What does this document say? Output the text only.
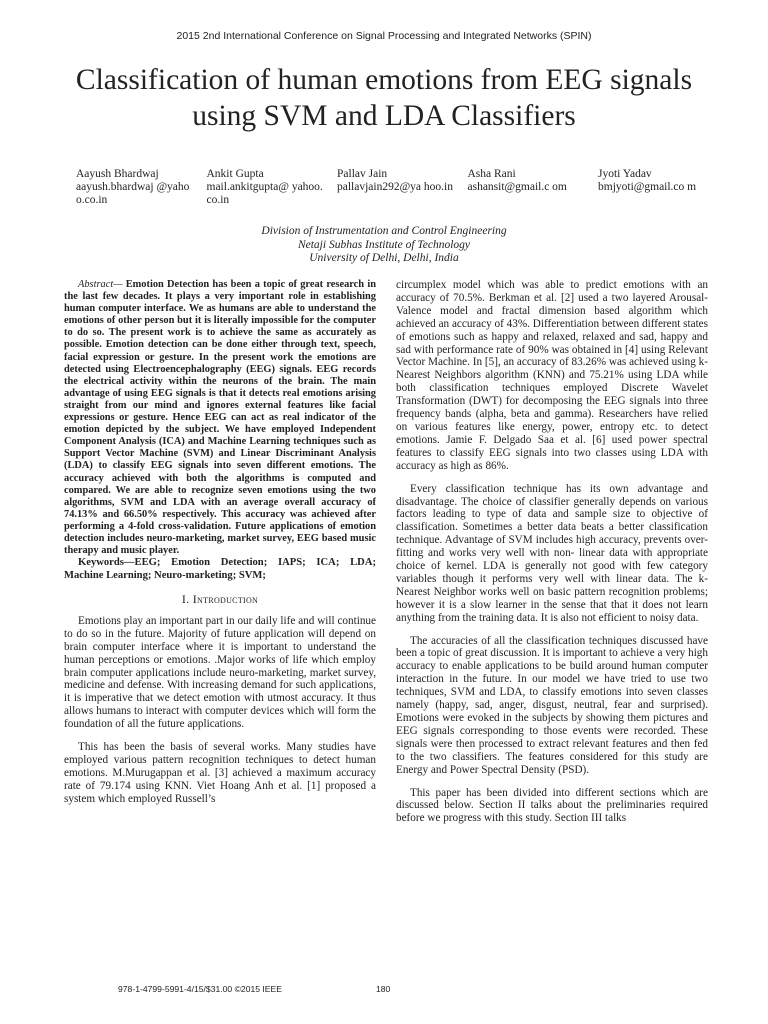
2015 2nd International Conference on Signal Processing and Integrated Networks (SPIN)
Classification of human emotions from EEG signals
using SVM and LDA Classifiers
Aayush Bhardwaj
aayush.bhardwaj @yahoo.co.in
Ankit Gupta
mail.ankitgupta@ yahoo.co.in
Pallav Jain
pallavjain292@ya hoo.in
Asha Rani
ashansit@gmail.c om
Jyoti Yadav
bmjyoti@gmail.co m
Division of Instrumentation and Control Engineering
Netaji Subhas Institute of Technology
University of Delhi, Delhi, India

Abstract— Emotion Detection has been a topic of great research in the last few decades. It plays a very important role in establishing human computer interface. We as humans are able to understand the emotions of other person but it is literally impossible for the computer to do so. The present work is to achieve the same as accurately as possible. Emotion detection can be done either through text, speech, facial expression or gesture. In the present work the emotions are detected using Electroencephalography (EEG) signals. EEG records the electrical activity within the neurons of the brain. The main advantage of using EEG signals is that it detects real emotions arising straight from our mind and ignores external features like facial expressions or gesture. Hence EEG can act as real indicator of the emotion depicted by the subject. We have employed Independent Component Analysis (ICA) and Machine Learning techniques such as Support Vector Machine (SVM) and Linear Discriminant Analysis (LDA) to classify EEG signals into seven different emotions. The accuracy achieved with both the algorithms is computed and compared. We are able to recognize seven emotions using the two algorithms, SVM and LDA with an average overall accuracy of 74.13% and 66.50% respectively. This accuracy was achieved after performing a 4-fold cross-validation. Future applications of emotion detection includes neuro-marketing, market survey, EEG based music therapy and music player.

Keywords—EEG; Emotion Detection; IAPS; ICA; LDA; Machine Learning; Neuro-marketing; SVM;

I. Introduction

Emotions play an important part in our daily life and will continue to do so in the future. Majority of future application will depend on brain computer interface where it is important to understand the human perceptions or emotions. .Major works of life which employ brain computer applications include neuro-marketing, market survey, medicine and defense. With increasing demand for such applications, it is imperative that we detect emotion with utmost accuracy. It thus allows humans to interact with computer devices which will form the foundation of all the future applications.

This has been the basis of several works. Many studies have employed various pattern recognition techniques to detect human emotions. M.Murugappan et al. [3] achieved a maximum accuracy rate of 79.174 using KNN. Viet Hoang Anh et al. [1] proposed a system which employed Russell’s

circumplex model which was able to predict emotions with an accuracy of 70.5%. Berkman et al. [2] used a two layered Arousal-Valence model and fractal dimension based algorithm which achieved an accuracy of 43%. Differentiation between different states of emotions such as happy and relaxed, relaxed and sad, happy and sad with performance rate of 90% was obtained in [4] using Relevant Vector Machine. In [5], an accuracy of 83.26% was achieved using k-Nearest Neighbors algorithm (KNN) and 75.21% using LDA while both classification techniques employed Discrete Wavelet Transformation (DWT) for decomposing the EEG signals into three frequency bands (alpha, beta and gamma). Researchers have relied on various features like energy, power, entropy etc. to detect emotions. Jamie F. Delgado Saa et al. [6] used power spectral features to classify EEG signals into two classes using LDA with accuracy as high as 86%.

Every classification technique has its own advantage and disadvantage. The choice of classifier generally depends on various factors leading to type of data and sample size to objective of classification. Sometimes a better data beats a better classification technique. Advantage of SVM includes high accuracy, prevents over-fitting and works very well with non- linear data with appropriate choice of kernel. LDA is generally not good with few category variables though it performs very well with linear data. The k-Nearest Neighbor works well on basic pattern recognition problems; however it is a slow learner in the sense that that it does not learn anything from the training data. It is also not efficient to noisy data.

The accuracies of all the classification techniques discussed have been a topic of great discussion. It is important to achieve a very high accuracy to enable applications to be build around human computer interaction in the future. In our model we have tried to use two techniques, SVM and LDA, to classify emotions into seven classes namely (happy, sad, anger, disgust, neutral, fear and surprised). Emotions were evoked in the subjects by showing them pictures and EEG signals corresponding to those events were recorded. These signals were then processed to extract relevant features and then fed to the two classifiers. The features considered for this study are Energy and Power Spectral Density (PSD).

This paper has been divided into different sections which are discussed below. Section II talks about the preliminaries required before we progress with this study. Section III talks

978-1-4799-5991-4/15/$31.00 ©2015 IEEE	180
